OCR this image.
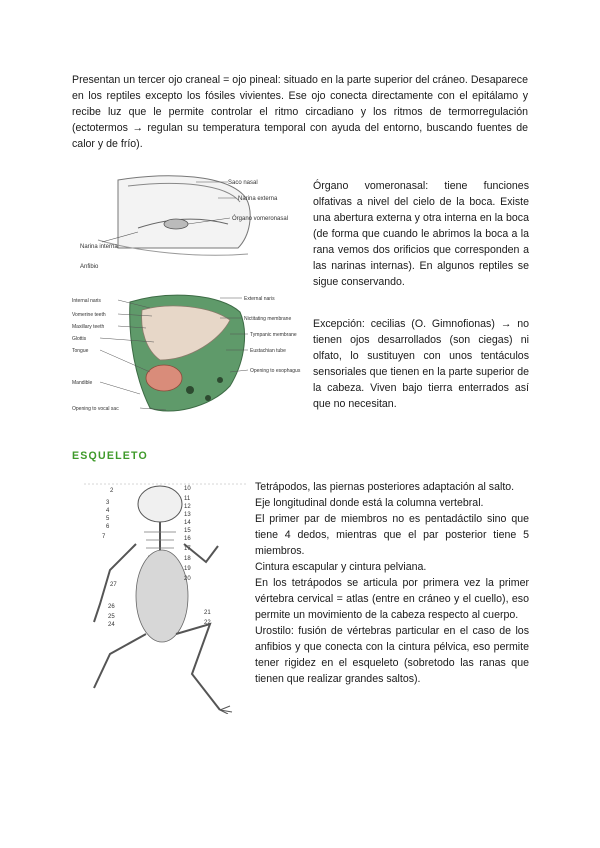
Presentan un tercer ojo craneal = ojo pineal: situado en la parte superior del cráneo. Desaparece en los reptiles excepto los fósiles vivientes. Ese ojo conecta directamente con el epitálamo y recibe luz que le permite controlar el ritmo circadiano y los ritmos de termorregulación (ectotermos → regulan su temperatura temporal con ayuda del entorno, buscando fuentes de calor y de frío).

Saco nasal
Narina externa
Órgano vomeronasal
Narina interna
Anfibio

Órgano vomeronasal: tiene funciones olfativas a nivel del cielo de la boca. Existe una abertura externa y otra interna en la boca (de forma que cuando le abrimos la boca a la rana vemos dos orificios que corresponden a las narinas internas). En algunos reptiles se sigue conservando.

Internal naris
Vomerine teeth
Maxillary teeth
Glottis
Tongue
Mandible
Opening to vocal sac
External naris
Nictitating membrane
Tympanic membrane
Eustachian tube
Opening to esophagus

Excepción: cecilias (O. Gimnofionas) → no tienen ojos desarrollados (son ciegas) ni olfato, lo sustituyen con unos tentáculos sensoriales que tienen en la parte superior de la cabeza. Viven bajo tierra enterrados así que no necesitan.

ESQUELETO
2
3
4
5
6
7
27
26
25
24
10
11
12
13
14
15
16
17
18
19
20
21
22

Tetrápodos, las piernas posteriores adaptación al salto.

Eje longitudinal donde está la columna vertebral.

El primer par de miembros no es pentadáctilo sino que tiene 4 dedos, mientras que el par posterior tiene 5 miembros.

Cintura escapular y cintura pelviana.

En los tetrápodos se articula por primera vez la primer vértebra cervical = atlas (entre en cráneo y el cuello), eso permite un movimiento de la cabeza respecto al cuerpo.

Urostilo: fusión de vértebras particular en el caso de los anfibios y que conecta con la cintura pélvica, eso permite tener rigidez en el esqueleto (sobretodo las ranas que tienen que realizar grandes saltos).
